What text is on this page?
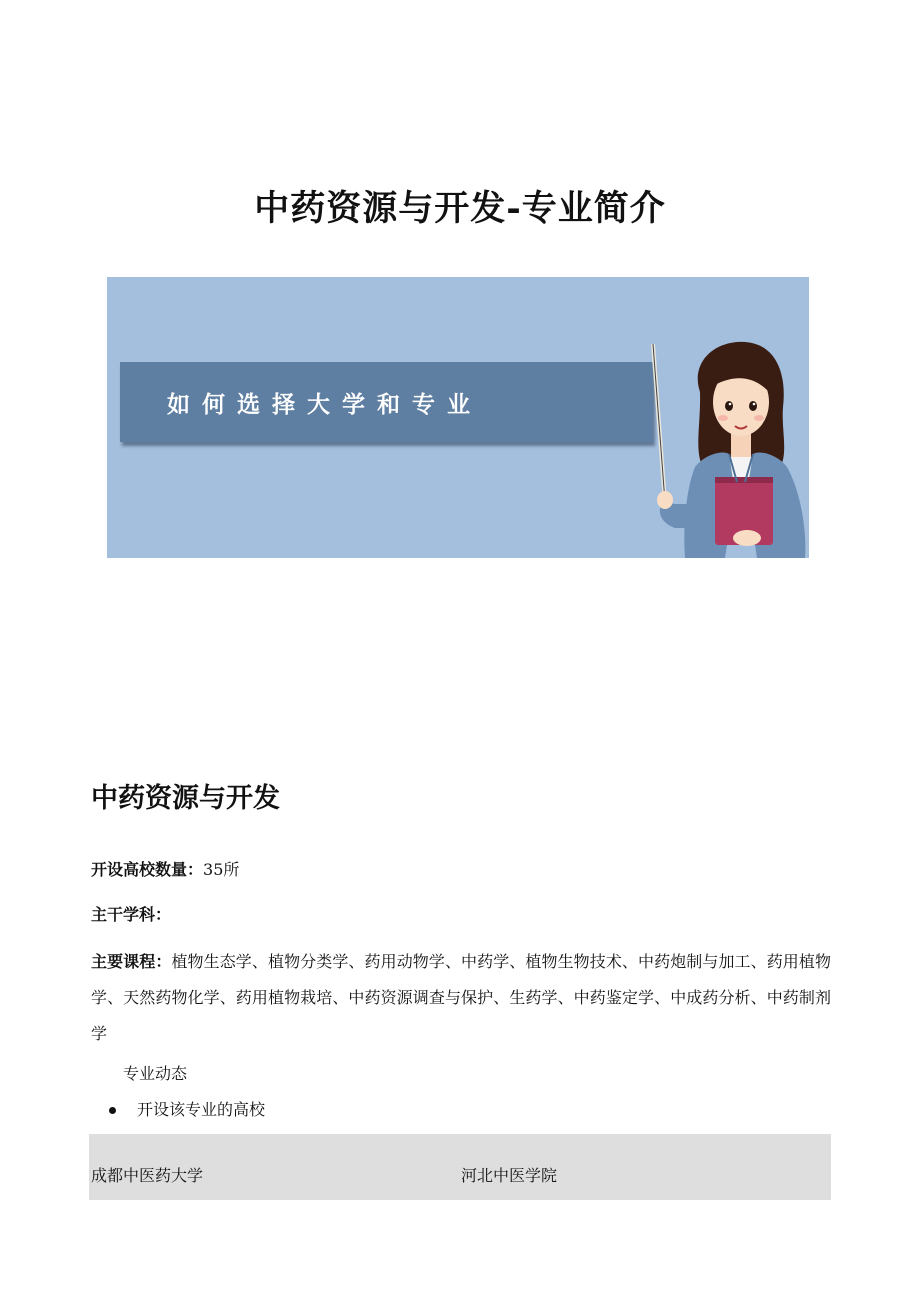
中药资源与开发-专业简介
如何选择大学和专业
中药资源与开发
开设高校数量：35所
主干学科：
主要课程：植物生态学、植物分类学、药用动物学、中药学、植物生物技术、中药炮制与加工、药用植物学、天然药物化学、药用植物栽培、中药资源调查与保护、生药学、中药鉴定学、中成药分析、中药制剂学
专业动态
开设该专业的高校
成都中医药大学	河北中医学院
